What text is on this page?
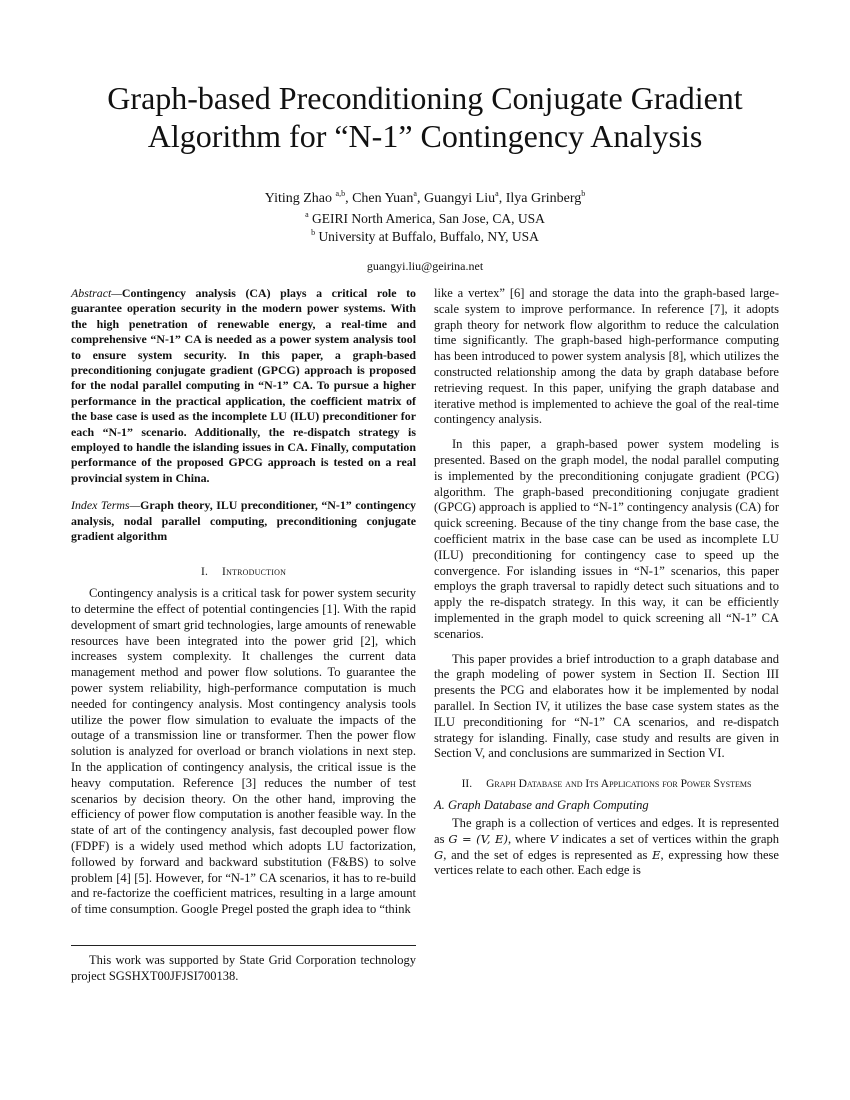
Graph-based Preconditioning Conjugate Gradient
Algorithm for “N-1” Contingency Analysis
Yiting Zhao $^{a,b}$, Chen Yuan$^a$, Guangyi Liu$^a$, Ilya Grinberg$^b$
$^a$ GEIRI North America, San Jose, CA, USA
$^b$ University at Buffalo, Buffalo, NY, USA
guangyi.liu@geirina.net

Abstract—Contingency analysis (CA) plays a critical role to guarantee operation security in the modern power systems. With the high penetration of renewable energy, a real-time and comprehensive “N-1” CA is needed as a power system analysis tool to ensure system security. In this paper, a graph-based preconditioning conjugate gradient (GPCG) approach is proposed for the nodal parallel computing in “N-1” CA. To pursue a higher performance in the practical application, the coefficient matrix of the base case is used as the incomplete LU (ILU) preconditioner for each “N-1” scenario. Additionally, the re-dispatch strategy is employed to handle the islanding issues in CA. Finally, computation performance of the proposed GPCG approach is tested on a real provincial system in China.

Index Terms—Graph theory, ILU preconditioner, “N-1” contingency analysis, nodal parallel computing, preconditioning conjugate gradient algorithm

I. Introduction

Contingency analysis is a critical task for power system security to determine the effect of potential contingencies [1]. With the rapid development of smart grid technologies, large amounts of renewable resources have been integrated into the power grid [2], which increases system complexity. It challenges the current data management method and power flow solutions. To guarantee the power system reliability, high-performance computation is much needed for contingency analysis. Most contingency analysis tools utilize the power flow simulation to evaluate the impacts of the outage of a transmission line or transformer. Then the power flow solution is analyzed for overload or branch violations in next step. In the application of contingency analysis, the critical issue is the heavy computation. Reference [3] reduces the number of test scenarios by decision theory. On the other hand, improving the efficiency of power flow computation is another feasible way. In the state of art of the contingency analysis, fast decoupled power flow (FDPF) is a widely used method which adopts LU factorization, followed by forward and backward substitution (F&BS) to solve problem [4] [5]. However, for “N-1” CA scenarios, it has to re-build and re-factorize the coefficient matrices, resulting in a large amount of time consumption. Google Pregel posted the graph idea to “think

This work was supported by State Grid Corporation technology project SGSHXT00JFJSI700138.

like a vertex” [6] and storage the data into the graph-based large-scale system to improve performance. In reference [7], it adopts graph theory for network flow algorithm to reduce the calculation time significantly. The graph-based high-performance computing has been introduced to power system analysis [8], which utilizes the constructed relationship among the data by graph database before retrieving request. In this paper, unifying the graph database and iterative method is implemented to achieve the goal of the real-time contingency analysis.

In this paper, a graph-based power system modeling is presented. Based on the graph model, the nodal parallel computing is implemented by the preconditioning conjugate gradient (PCG) algorithm. The graph-based preconditioning conjugate gradient (GPCG) approach is applied to “N-1” contingency analysis (CA) for quick screening. Because of the tiny change from the base case, the coefficient matrix in the base case can be used as incomplete LU (ILU) preconditioning for contingency case to speed up the convergence. For islanding issues in “N-1” scenarios, this paper employs the graph traversal to rapidly detect such situations and to apply the re-dispatch strategy. In this way, it can be efficiently implemented in the graph model to quick screening all “N-1” CA scenarios.

This paper provides a brief introduction to a graph database and the graph modeling of power system in Section II. Section III presents the PCG and elaborates how it be implemented by nodal parallel. In Section IV, it utilizes the base case system states as the ILU preconditioning for “N-1” CA scenarios, and re-dispatch strategy for islanding. Finally, case study and results are given in Section V, and conclusions are summarized in Section VI.

II. Graph Database and Its Applications for Power Systems

A. Graph Database and Graph Computing

The graph is a collection of vertices and edges. It is represented as G = (V, E), where V indicates a set of vertices within the graph G, and the set of edges is represented as E, expressing how these vertices relate to each other. Each edge is
